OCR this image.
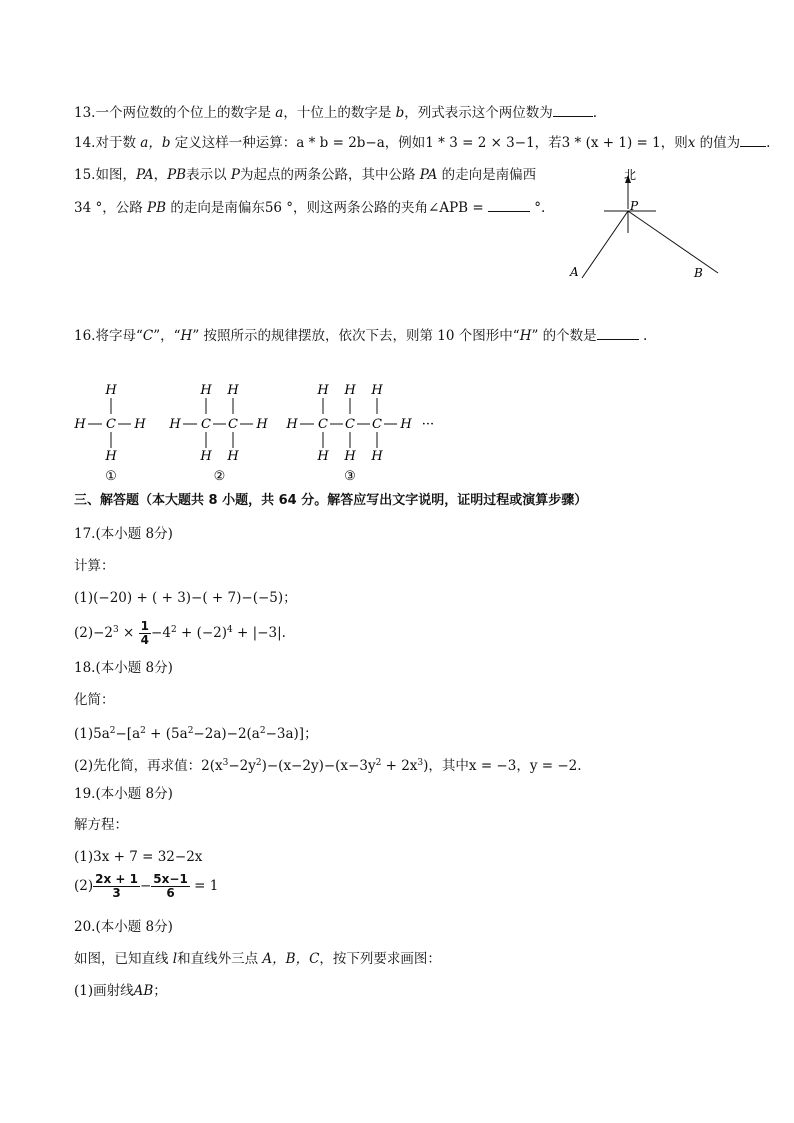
13.一个两位数的个位上的数字是 a，十位上的数字是 b，列式表示这个两位数为	.
14.对于数 a，b 定义这样一种运算：a * b = 2b−a，例如1 * 3 = 2 × 3−1，若3 * (x + 1) = 1，则x 的值为 .
15.如图，PA，PB表示以 P为起点的两条公路，其中公路 PA 的走向是南偏西
34 °，公路 PB 的走向是南偏东56 °，则这两条公路的夹角∠APB =	°.
北
P
A	B
16.将字母“C”，“H” 按照所示的规律摆放，依次下去，则第 10 个图形中“H” 的个数是	.
H C
H
H
H
①
H C
H
H
C
H
H
H
②
H C
H
H
C
H
H
C
H
H
H
③
···
三、解答题（本大题共 8 小题，共 64 分。解答应写出文字说明，证明过程或演算步骤）
17.(本小题 8分)
计算：
(1)(−20) + ( + 3)−( + 7)−(−5)；
$(2)-2^3 \times \frac{1}{4} -4^2 + (-2)^4 + |-3|$.
18.(本小题 8分)
化简：
$(1)5a^2-[a^2 + (5a^2-2a)-2(a^2-3a)]$；
(2)先化简，再求值：$2(x^3-2y^2)-(x-2y)-(x-3y^2 + 2x^3)$，其中x = −3，y = −2.
19.(本小题 8分)
解方程：
(1)3x + 7 = 32−2x
$(2) \frac{2x + 1}{3} - \frac{5x-1}{6} = 1$
20.(本小题 8分)
如图，已知直线 l和直线外三点 A，B，C，按下列要求画图：
(1)画射线AB；
